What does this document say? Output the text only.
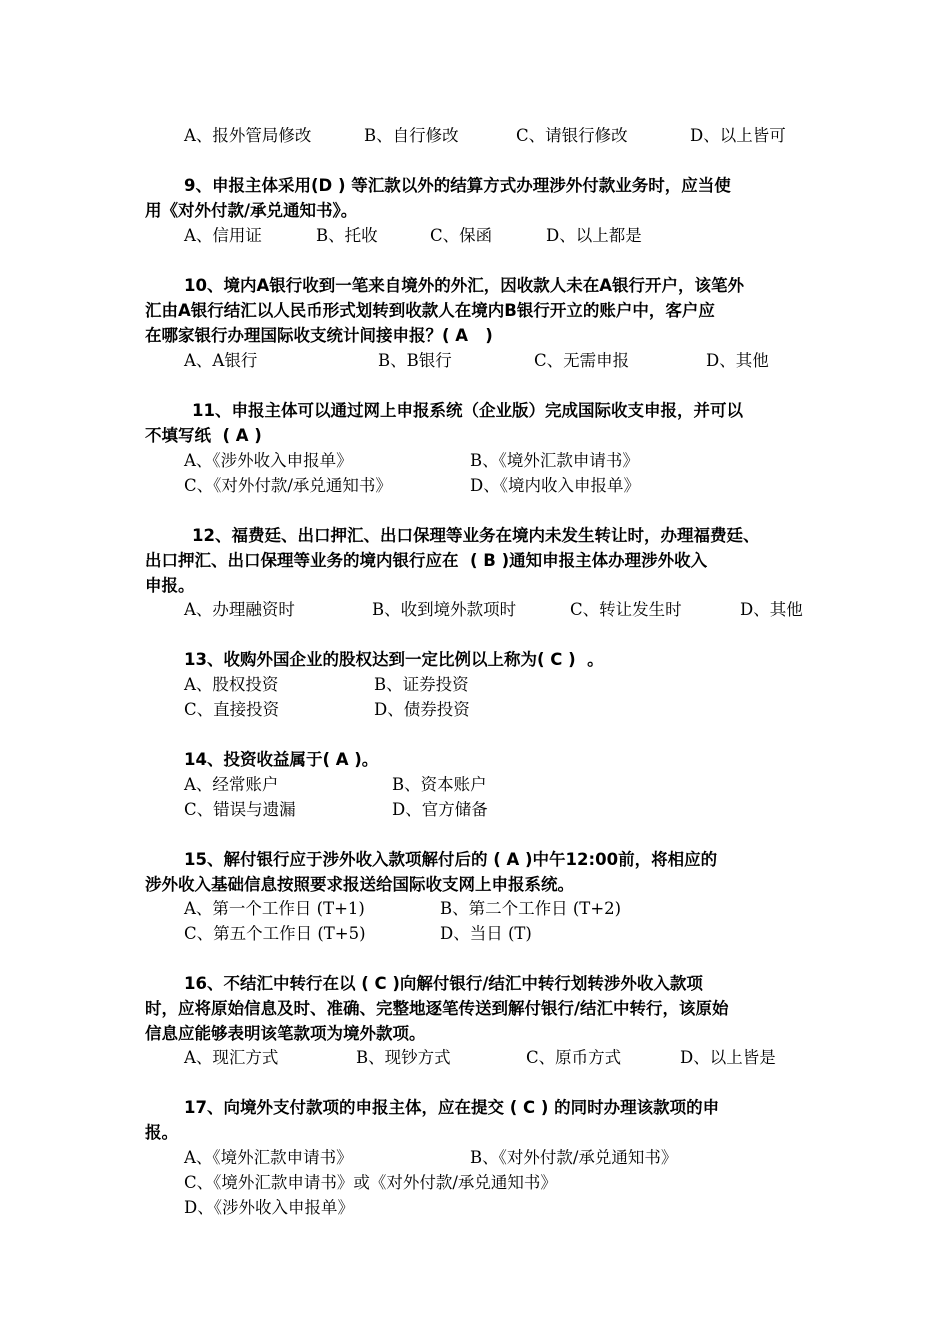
A、报外管局修改	B、自行修改	C、请银行修改	D、以上皆可
9、申报主体采用(D ) 等汇款以外的结算方式办理涉外付款业务时，应当使
用《对外付款/承兑通知书》。
A、信用证	B、托收	C、保函	D、以上都是
10、境内A银行收到一笔来自境外的外汇，因收款人未在A银行开户，该笔外
汇由A银行结汇以人民币形式划转到收款人在境内B银行开立的账户中，客户应
在哪家银行办理国际收支统计间接申报？( A   )
A、A银行	B、B银行	C、无需申报	D、其他
11、申报主体可以通过网上申报系统（企业版）完成国际收支申报，并可以
不填写纸  ( A )
A、《涉外收入申报单》	B、《境外汇款申请书》
C、《对外付款/承兑通知书》	D、《境内收入申报单》
12、福费廷、出口押汇、出口保理等业务在境内未发生转让时，办理福费廷、
出口押汇、出口保理等业务的境内银行应在  ( B )通知申报主体办理涉外收入
申报。
A、办理融资时	B、收到境外款项时	C、转让发生时	D、其他
13、收购外国企业的股权达到一定比例以上称为( C )  。
A、股权投资	B、证券投资
C、直接投资	D、债券投资
14、投资收益属于( A )。
A、经常账户	B、资本账户
C、错误与遗漏	D、官方储备
15、解付银行应于涉外收入款项解付后的 ( A )中午12:00前，将相应的
涉外收入基础信息按照要求报送给国际收支网上申报系统。
A、第一个工作日 (T+1)	B、第二个工作日 (T+2)
C、第五个工作日 (T+5)	D、当日 (T)
16、不结汇中转行在以 ( C )向解付银行/结汇中转行划转涉外收入款项
时，应将原始信息及时、准确、完整地逐笔传送到解付银行/结汇中转行，该原始
信息应能够表明该笔款项为境外款项。
A、现汇方式	B、现钞方式	C、原币方式	D、以上皆是
17、向境外支付款项的申报主体，应在提交 ( C ) 的同时办理该款项的申
报。
A、《境外汇款申请书》	B、《对外付款/承兑通知书》
C、《境外汇款申请书》或《对外付款/承兑通知书》
D、《涉外收入申报单》
